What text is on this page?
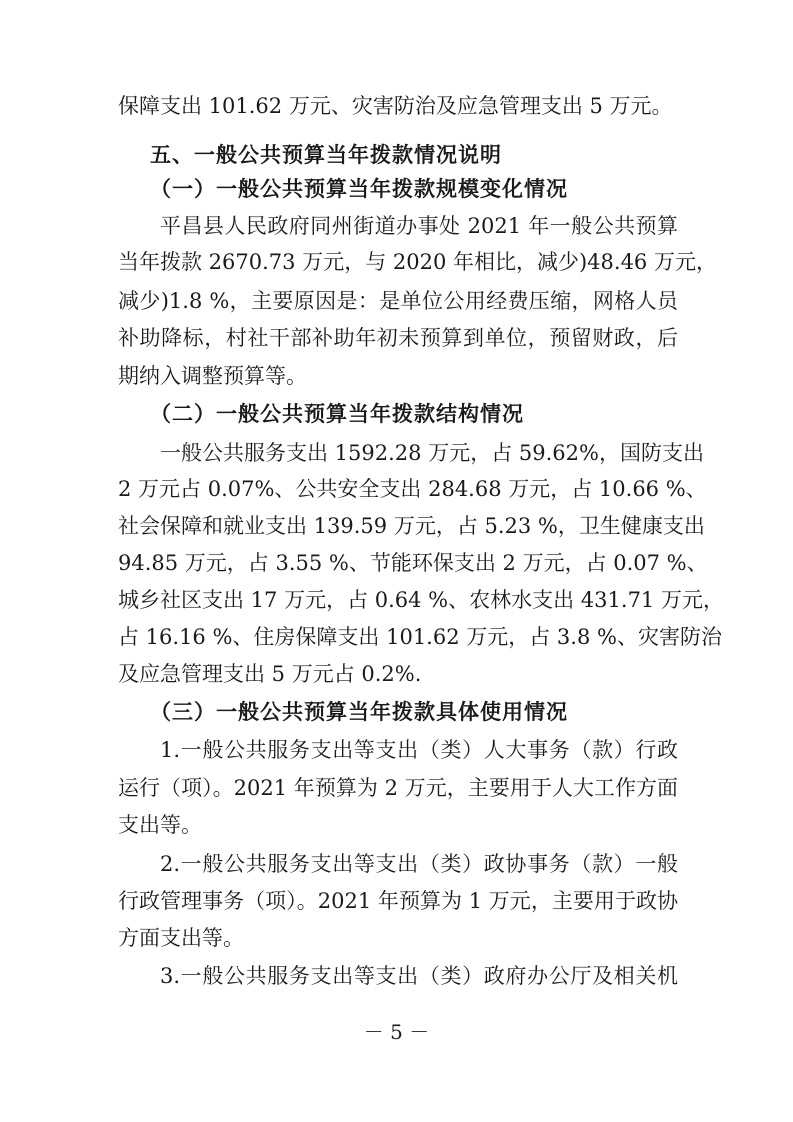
保障支出 101.62 万元、灾害防治及应急管理支出 5 万元。
五、一般公共预算当年拨款情况说明
（一）一般公共预算当年拨款规模变化情况
平昌县人民政府同州街道办事处 2021 年一般公共预算
当年拨款 2670.73 万元，与 2020 年相比，减少)48.46 万元，
减少)1.8 %，主要原因是：是单位公用经费压缩，网格人员
补助降标，村社干部补助年初未预算到单位，预留财政，后
期纳入调整预算等。
（二）一般公共预算当年拨款结构情况
一般公共服务支出 1592.28 万元，占 59.62%，国防支出
2 万元占 0.07%、公共安全支出 284.68 万元，占 10.66 %、
社会保障和就业支出 139.59 万元，占 5.23 %，卫生健康支出
94.85 万元，占 3.55 %、节能环保支出 2 万元，占 0.07 %、
城乡社区支出 17 万元，占 0.64 %、农林水支出 431.71 万元，
占 16.16 %、住房保障支出 101.62 万元，占 3.8 %、灾害防治
及应急管理支出 5 万元占 0.2%.
（三）一般公共预算当年拨款具体使用情况
1.一般公共服务支出等支出（类）人大事务（款）行政
运行（项）。2021 年预算为 2 万元，主要用于人大工作方面
支出等。
2.一般公共服务支出等支出（类）政协事务（款）一般
行政管理事务（项）。2021 年预算为 1 万元，主要用于政协
方面支出等。
3.一般公共服务支出等支出（类）政府办公厅及相关机
－ 5 －
